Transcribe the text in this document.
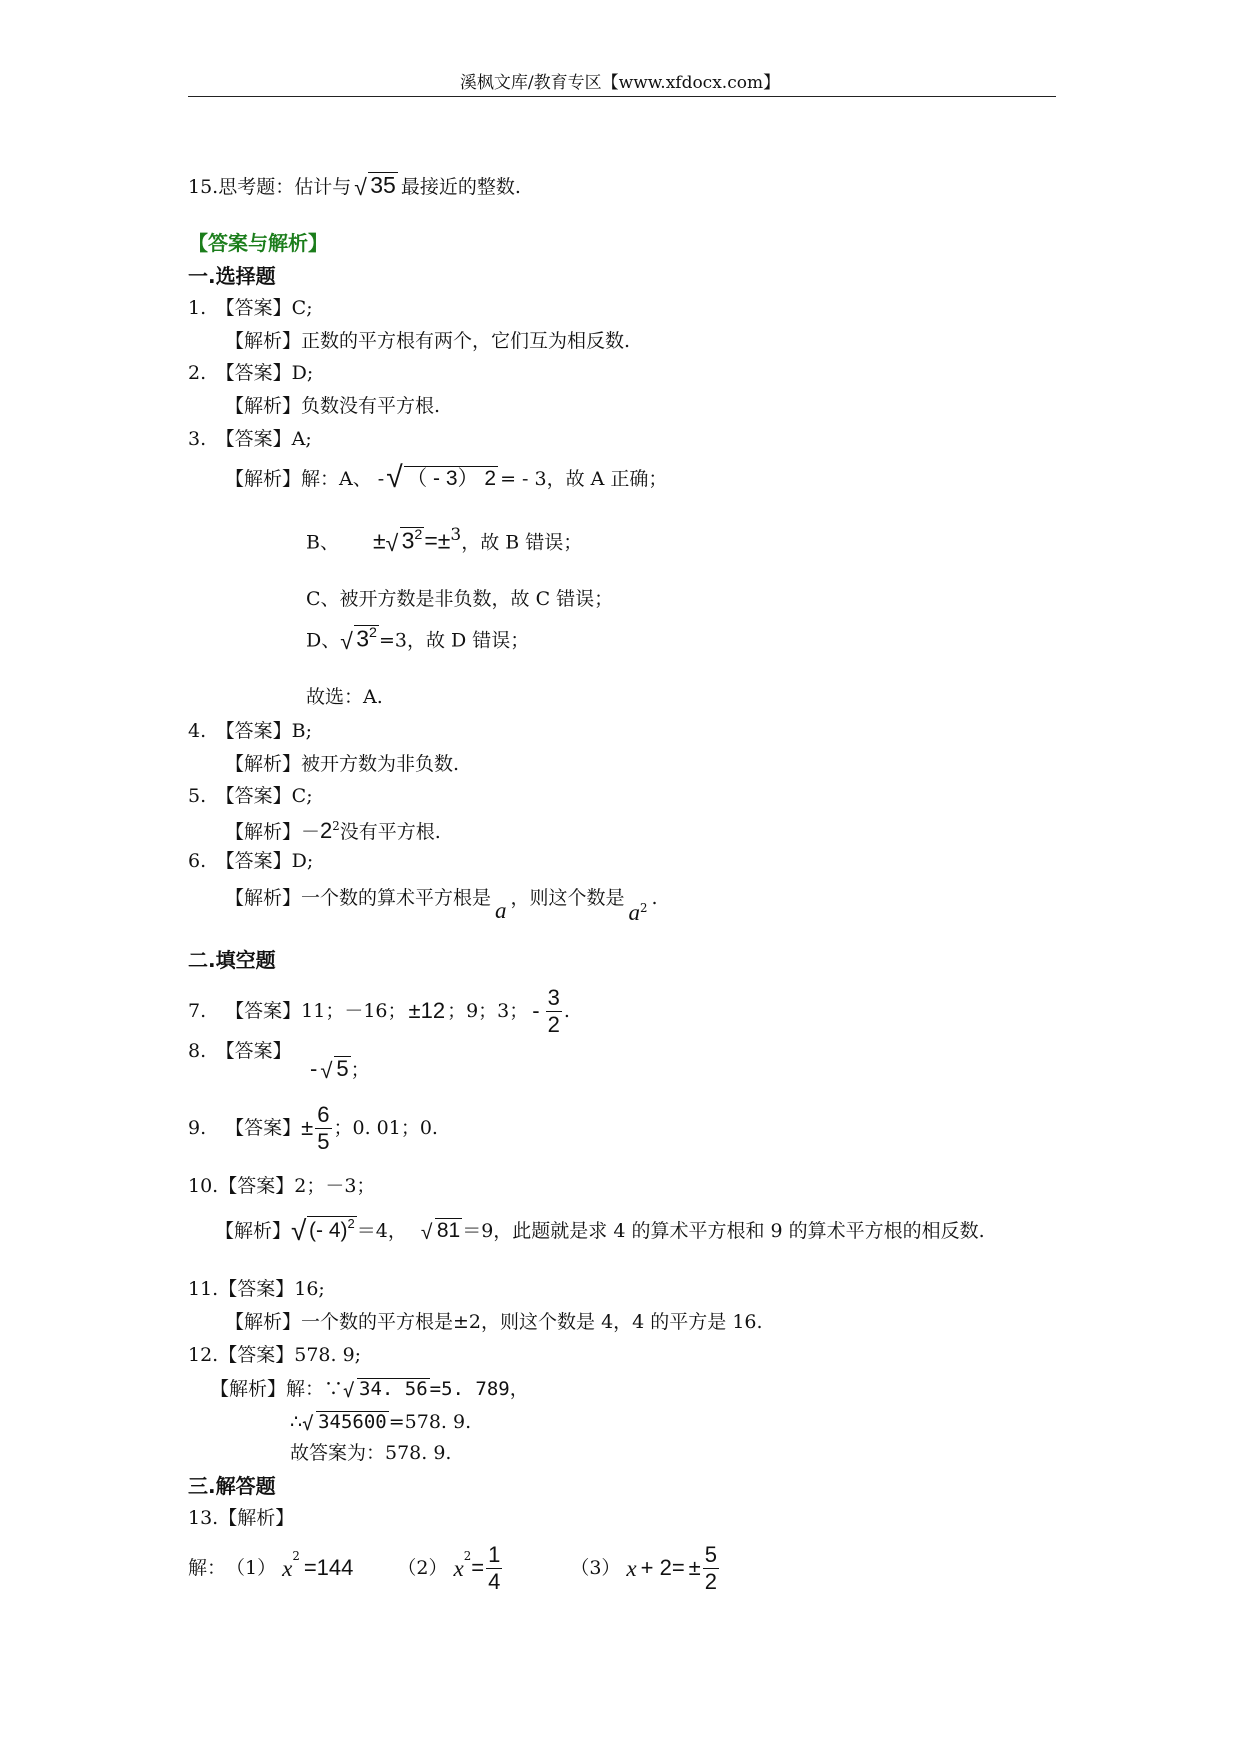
溪枫文库/教育专区【www.xfdocx.com】
15.思考题：估计与 √ 35 最接近的整数.
【答案与解析】
一.选择题
1.　 【答案】C;
【解析】正数的平方根有两个，它们互为相反数.
2.　 【答案】D;
【解析】负数没有平方根.
3.　 【答案】A;
【解析】解：A、 - √ （ - 3） 2 = - 3，故 A 正确；
B、 ± √ $3^2=\pm^3$，故 B 错误；
C、被开方数是非负数，故 C 错误；
D、 √ $3^2 =3$，故 D 错误；
故选：A.
4.　 【答案】B;
【解析】被开方数为非负数.
5.　 【答案】C;
【解析】$-2^2$没有平方根.
6.　 【答案】D;
【解析】一个数的算术平方根是 a ，则这个数是$a^2$ .
二.填空题
7.
　 【答案】 11；－16； ±12 ；9；3； - $\frac{3}{2}$ .
8.　 【答案】
- √ 5 ；
9.
　 【答案】 ± $\frac{6}{5}$ ；0. 01；0.
10.【答案】2；－3；
【解析】 √ (- 4)$^2$ ＝4， √ 81 ＝9，此题就是求 4 的算术平方根和 9 的算术平方根的相反数.
11.【答案】16;
【解析】一个数的平方根是±2，则这个数是 4，4 的平方是 16.
12.【答案】578. 9;
【解析】解：∵ √ 34. 56 =5. 789，
∴ √ 345600 =578. 9.
故答案为：578. 9.
三.解答题
13.【解析】
解： （1） $x^2 =144$ （2） $x^2 = \frac{1}{4}$	（3） $x + 2= \pm \frac{5}{2}$
